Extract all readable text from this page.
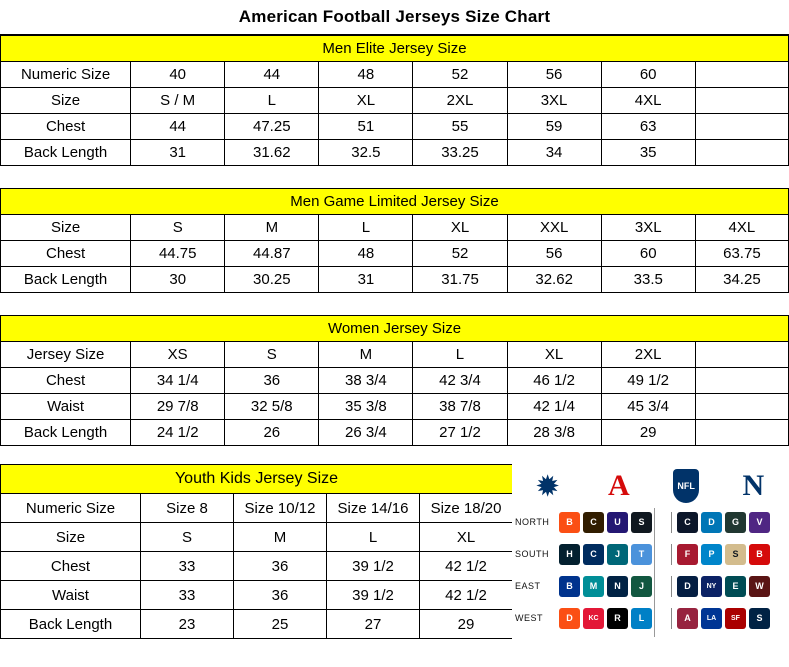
American Football Jerseys Size Chart
Men Elite Jersey Size							
Numeric Size	40	44	48	52	56	60	
Size	S / M	L	XL	2XL	3XL	4XL	
Chest	44	47.25	51	55	59	63	
Back Length	31	31.62	32.5	33.25	34	35	
Men Game Limited Jersey Size							
Size	S	M	L	XL	XXL	3XL	4XL
Chest	44.75	44.87	48	52	56	60	63.75
Back Length	30	30.25	31	31.75	32.62	33.5	34.25
Women Jersey Size							
Jersey Size	XS	S	M	L	XL	2XL	
Chest	34 1/4	36	38 3/4	42 3/4	46 1/2	49 1/2	
Waist	29 7/8	32 5/8	35 3/8	38 7/8	42 1/4	45 3/4	
Back Length	24 1/2	26	26 3/4	27 1/2	28 3/8	29	
Youth Kids Jersey Size				
Numeric Size	Size 8	Size 10/12	Size 14/16	Size 18/20
Size	S	M	L	XL
Chest	33	36	39 1/2	42 1/2
Waist	33	36	39 1/2	42 1/2
Back Length	23	25	27	29
✹ A	NFL N
NORTH	B	C	U	S	C	D	G	V
SOUTH	H	C	J	T	F	P	S	B
EAST	B	M	N	J	D	NY	E	W
WEST	D	KC	R	L	A	LA	SF	S
